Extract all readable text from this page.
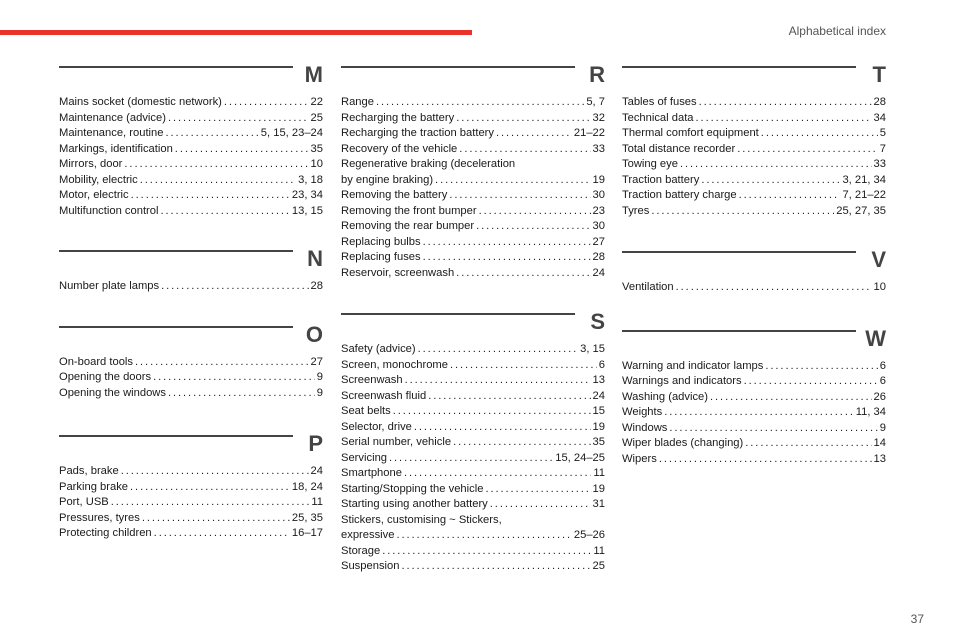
Alphabetical index
M
Mains socket (domestic network) . . .	22
Maintenance (advice) . . .	25
Maintenance, routine . . .	5, 15, 23–24
Markings, identification . . .	35
Mirrors, door . . .	10
Mobility, electric . . .	3, 18
Motor, electric . . .	23, 34
Multifunction control . . .	13, 15
N
Number plate lamps . . .	28
O
On-board tools . . .	27
Opening the doors . . .	9
Opening the windows . . .	9
P
Pads, brake . . .	24
Parking brake . . .	18, 24
Port, USB . . .	11
Pressures, tyres . . .	25, 35
Protecting children . . .	16–17
R
Range . . .	5, 7
Recharging the battery . . .	32
Recharging the traction battery . . .	21–22
Recovery of the vehicle . . .	33
Regenerative braking (deceleration
by engine braking) . . .	19
Removing the battery . . .	30
Removing the front bumper . . .	23
Removing the rear bumper . . .	30
Replacing bulbs . . .	27
Replacing fuses . . .	28
Reservoir, screenwash . . .	24
S
Safety (advice) . . .	3, 15
Screen, monochrome . . .	6
Screenwash . . .	13
Screenwash fluid . . .	24
Seat belts . . .	15
Selector, drive . . .	19
Serial number, vehicle . . .	35
Servicing . . .	15, 24–25
Smartphone . . .	11
Starting/Stopping the vehicle . . .	19
Starting using another battery . . .	31
Stickers, customising ~ Stickers,
expressive . . .	25–26
Storage . . .	11
Suspension . . .	25
T
Tables of fuses . . .	28
Technical data . . .	34
Thermal comfort equipment . . .	5
Total distance recorder . . .	7
Towing eye . . .	33
Traction battery . . .	3, 21, 34
Traction battery charge . . .	7, 21–22
Tyres . . .	25, 27, 35
V
Ventilation . . .	10
W
Warning and indicator lamps . . .	6
Warnings and indicators . . .	6
Washing (advice) . . .	26
Weights . . .	11, 34
Windows . . .	9
Wiper blades (changing) . . .	14
Wipers . . .	13
37
